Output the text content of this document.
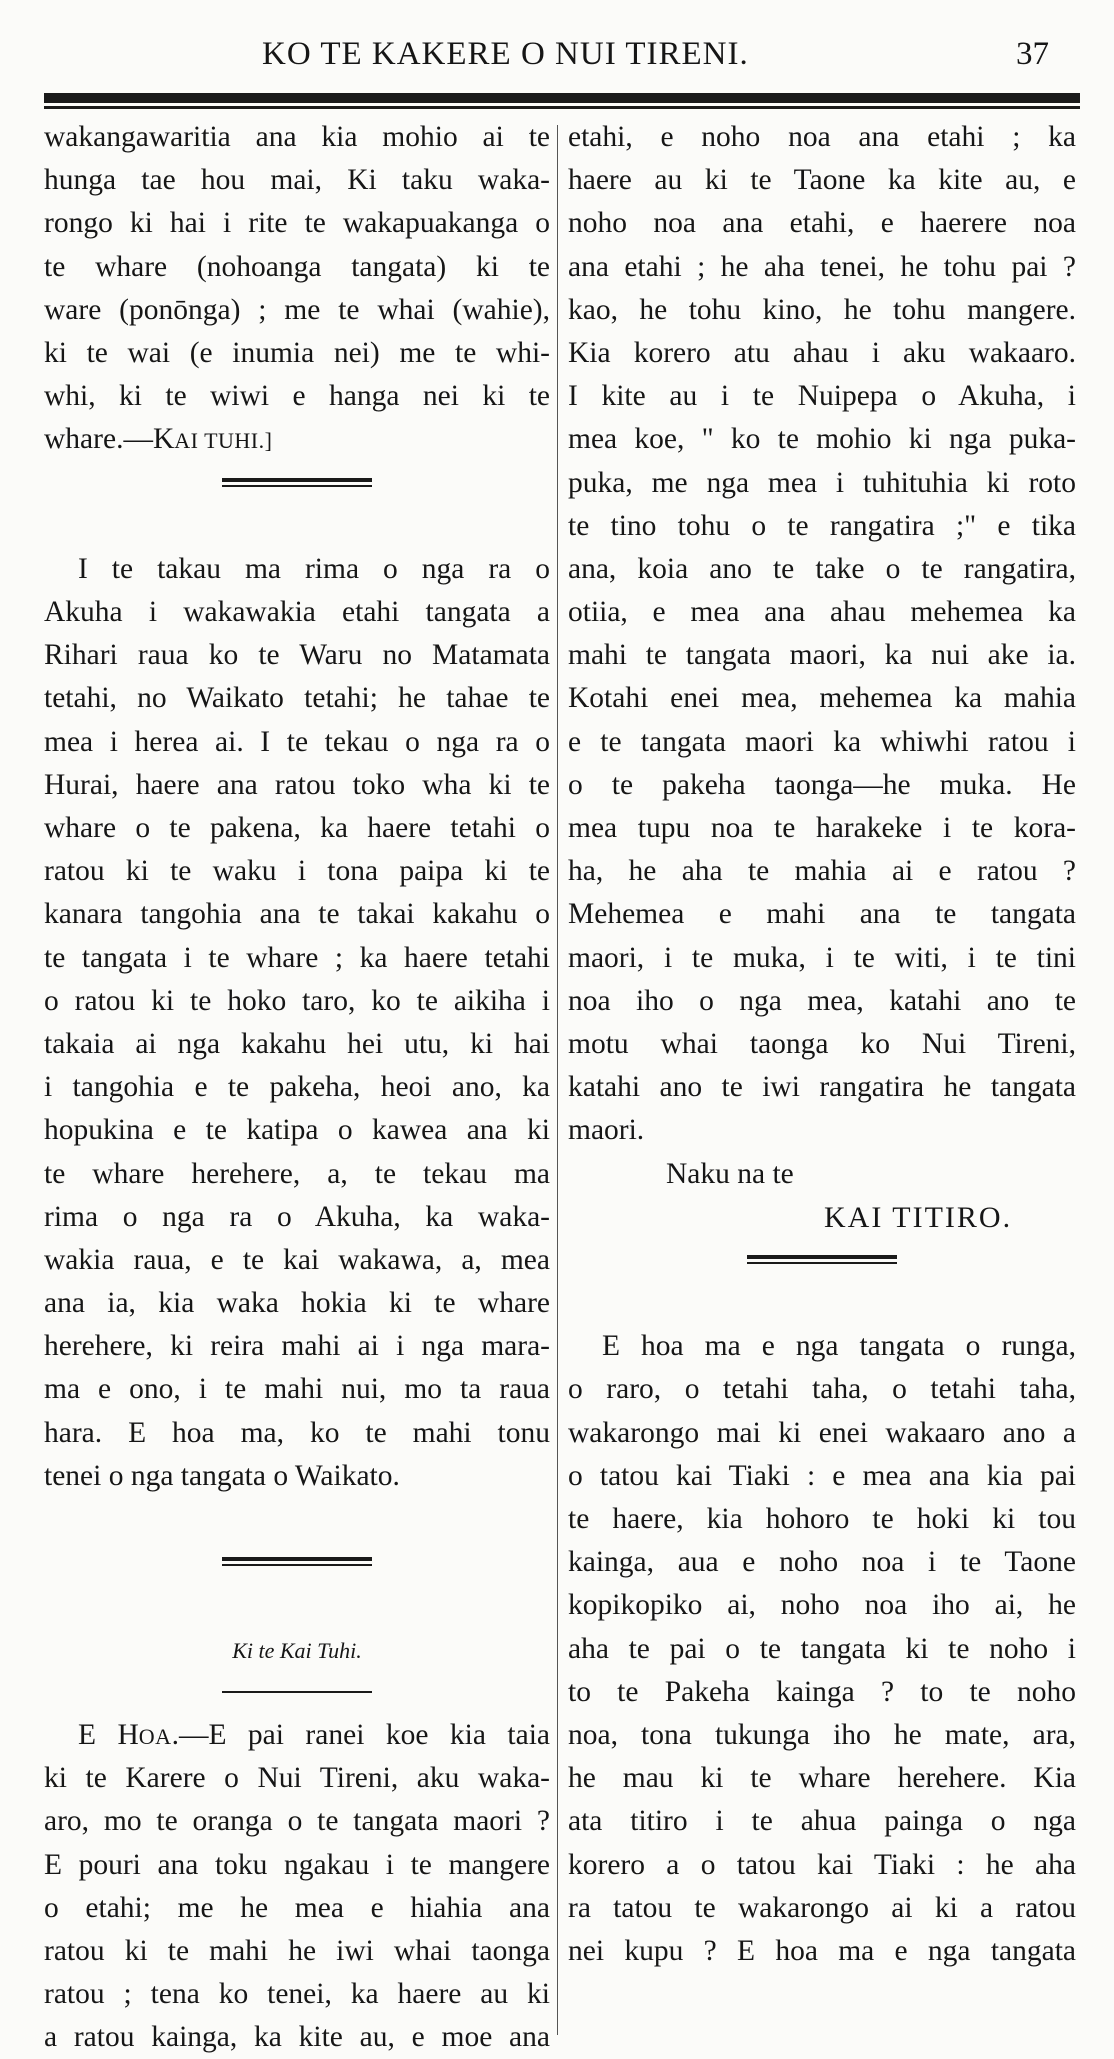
KO TE KAKERE O NUI TIRENI.	37
wakangawaritia ana kia mohio ai te
hunga tae hou mai, Ki taku waka-
rongo ki hai i rite te wakapuakanga o
te whare (nohoanga tangata) ki te
ware (ponōnga) ; me te whai (wahie),
ki te wai (e inumia nei) me te whi-
whi, ki te wiwi e hanga nei ki te
whare.—KAI TUHI.]
I te takau ma rima o nga ra o
Akuha i wakawakia etahi tangata a
Rihari raua ko te Waru no Matamata
tetahi, no Waikato tetahi; he tahae te
mea i herea ai. I te tekau o nga ra o
Hurai, haere ana ratou toko wha ki te
whare o te pakena, ka haere tetahi o
ratou ki te waku i tona paipa ki te
kanara tangohia ana te takai kakahu o
te tangata i te whare ; ka haere tetahi
o ratou ki te hoko taro, ko te aikiha i
takaia ai nga kakahu hei utu, ki hai
i tangohia e te pakeha, heoi ano, ka
hopukina e te katipa o kawea ana ki
te whare herehere, a, te tekau ma
rima o nga ra o Akuha, ka waka-
wakia raua, e te kai wakawa, a, mea
ana ia, kia waka hokia ki te whare
herehere, ki reira mahi ai i nga mara-
ma e ono, i te mahi nui, mo ta raua
hara. E hoa ma, ko te mahi tonu
tenei o nga tangata o Waikato.
Ki te Kai Tuhi.
E HOA.—E pai ranei koe kia taia
ki te Karere o Nui Tireni, aku waka-
aro, mo te oranga o te tangata maori ?
E pouri ana toku ngakau i te mangere
o etahi; me he mea e hiahia ana
ratou ki te mahi he iwi whai taonga
ratou ; tena ko tenei, ka haere au ki
a ratou kainga, ka kite au, e moe ana
etahi, e noho noa ana etahi ; ka
haere au ki te Taone ka kite au, e
noho noa ana etahi, e haerere noa
ana etahi ; he aha tenei, he tohu pai ?
kao, he tohu kino, he tohu mangere.
Kia korero atu ahau i aku wakaaro.
I kite au i te Nuipepa o Akuha, i
mea koe, " ko te mohio ki nga puka-
puka, me nga mea i tuhituhia ki roto
te tino tohu o te rangatira ;" e tika
ana, koia ano te take o te rangatira,
otiia, e mea ana ahau mehemea ka
mahi te tangata maori, ka nui ake ia.
Kotahi enei mea, mehemea ka mahia
e te tangata maori ka whiwhi ratou i
o te pakeha taonga—he muka. He
mea tupu noa te harakeke i te kora-
ha, he aha te mahia ai e ratou ?
Mehemea e mahi ana te tangata
maori, i te muka, i te witi, i te tini
noa iho o nga mea, katahi ano te
motu whai taonga ko Nui Tireni,
katahi ano te iwi rangatira he tangata
maori.
Naku na te
KAI TITIRO.
E hoa ma e nga tangata o runga,
o raro, o tetahi taha, o tetahi taha,
wakarongo mai ki enei wakaaro ano a
o tatou kai Tiaki : e mea ana kia pai
te haere, kia hohoro te hoki ki tou
kainga, aua e noho noa i te Taone
kopikopiko ai, noho noa iho ai, he
aha te pai o te tangata ki te noho i
to te Pakeha kainga ? to te noho
noa, tona tukunga iho he mate, ara,
he mau ki te whare herehere. Kia
ata titiro i te ahua painga o nga
korero a o tatou kai Tiaki : he aha
ra tatou te wakarongo ai ki a ratou
nei kupu ? E hoa ma e nga tangata
